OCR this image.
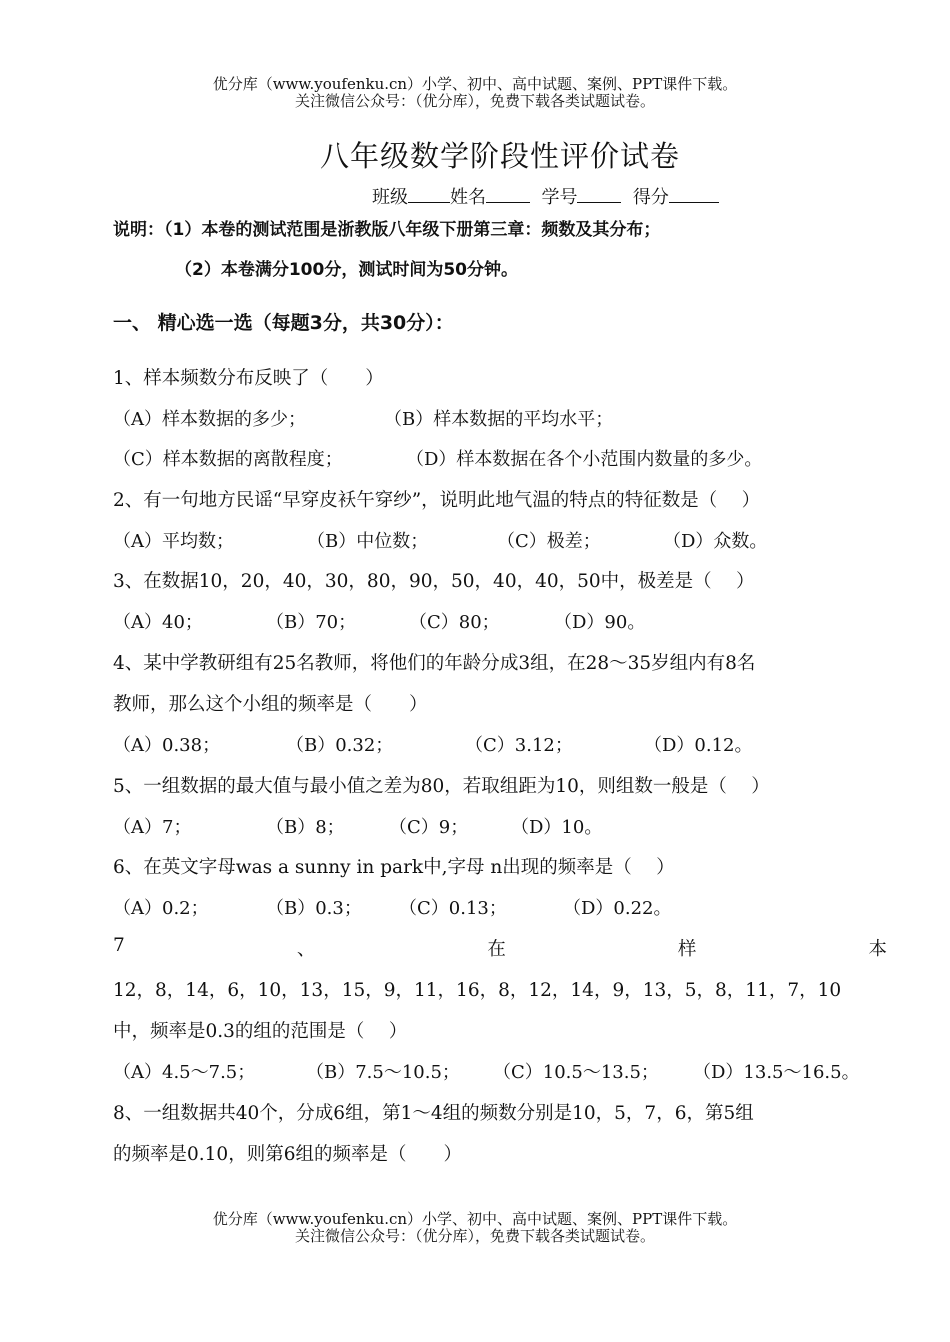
优分库（www.youfenku.cn）小学、初中、高中试题、案例、PPT课件下载。
关注微信公众号：（优分库），免费下载各类试题试卷。
八年级数学阶段性评价试卷
班级 姓名	学号	得分
说明：（1）本卷的测试范围是浙教版八年级下册第三章：频数及其分布；
（2）本卷满分100分，测试时间为50分钟。
一、 精心选一选（每题3分，共30分）：
1、样本频数分布反映了（　　）
（A）样本数据的多少；	（B）样本数据的平均水平；
（C）样本数据的离散程度；	（D）样本数据在各个小范围内数量的多少。
2、有一句地方民谣“早穿皮袄午穿纱”，说明此地气温的特点的特征数是（　 ）
（A）平均数；	（B）中位数；	（C）极差；	（D）众数。
3、在数据10，20，40，30，80，90，50，40，40，50中，极差是（　 ）
（A）40；	（B）70；	（C）80；	（D）90。
4、某中学教研组有25名教师，将他们的年龄分成3组，在28～35岁组内有8名
教师，那么这个小组的频率是（　　）
（A）0.38；	（B）0.32；	（C）3.12；	（D）0.12。
5、一组数据的最大值与最小值之差为80，若取组距为10，则组数一般是（　 ）
（A）7；	（B）8； （C）9； （D）10。
6、在英文字母was a sunny in park中,字母 n出现的频率是（　 ）
（A）0.2；	（B）0.3； （C）0.13；	（D）0.22。
7	、	在	样	本
12，8，14，6，10，13，15，9，11，16，8，12，14，9，13，5，8，11，7，10
中，频率是0.3的组的范围是（　 ）
（A）4.5～7.5；	（B）7.5～10.5； （C）10.5～13.5； （D）13.5～16.5。
8、一组数据共40个，分成6组，第1～4组的频数分别是10，5，7，6，第5组
的频率是0.10，则第6组的频率是（　　）
优分库（www.youfenku.cn）小学、初中、高中试题、案例、PPT课件下载。
关注微信公众号：（优分库），免费下载各类试题试卷。
